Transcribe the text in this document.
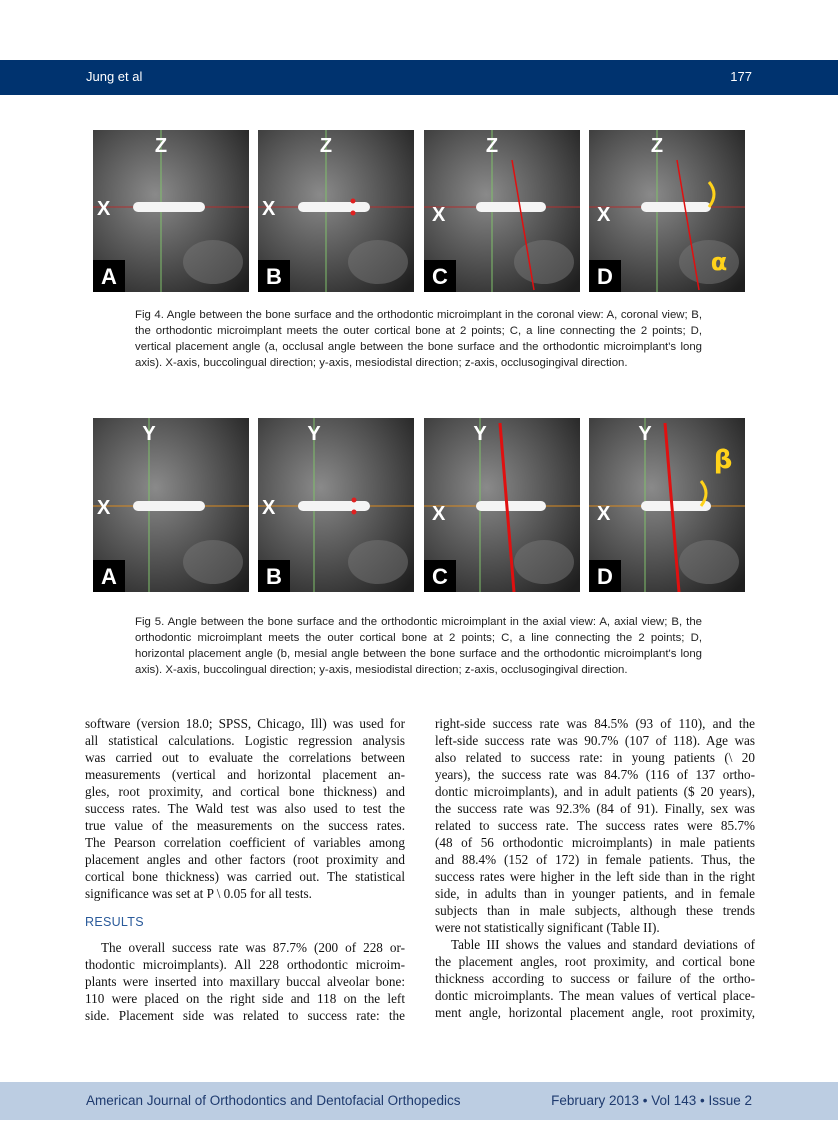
Jung et al	177
Z
X
A
Z
X
B
Z
X
C
Z
X
D
α
Fig 4. Angle between the bone surface and the orthodontic microimplant in the coronal view: A, coronal view; B, the orthodontic microimplant meets the outer cortical bone at 2 points; C, a line connecting the 2 points; D, vertical placement angle (a, occlusal angle between the bone surface and the orthodontic microimplant's long axis). X-axis, buccolingual direction; y-axis, mesiodistal direction; z-axis, occlusogingival direction.
Y
X
A
Y
X
B
Y
X
C
Y
X
D
β
Fig 5. Angle between the bone surface and the orthodontic microimplant in the axial view: A, axial view; B, the orthodontic microimplant meets the outer cortical bone at 2 points; C, a line connecting the 2 points; D, horizontal placement angle (b, mesial angle between the bone surface and the orthodontic microimplant's long axis). X-axis, buccolingual direction; y-axis, mesiodistal direction; z-axis, occlusogingival direction.
software (version 18.0; SPSS, Chicago, Ill) was used for
all statistical calculations. Logistic regression analysis
was carried out to evaluate the correlations between
measurements (vertical and horizontal placement an-
gles, root proximity, and cortical bone thickness) and
success rates. The Wald test was also used to test the
true value of the measurements on the success rates.
The Pearson correlation coefficient of variables among
placement angles and other factors (root proximity and
cortical bone thickness) was carried out. The statistical
significance was set at P \ 0.05 for all tests.
RESULTS
The overall success rate was 87.7% (200 of 228 or-
thodontic microimplants). All 228 orthodontic microim-
plants were inserted into maxillary buccal alveolar bone:
110 were placed on the right side and 118 on the left
side. Placement side was related to success rate: the
right-side success rate was 84.5% (93 of 110), and the
left-side success rate was 90.7% (107 of 118). Age was
also related to success rate: in young patients (\ 20
years), the success rate was 84.7% (116 of 137 ortho-
dontic microimplants), and in adult patients ($ 20 years),
the success rate was 92.3% (84 of 91). Finally, sex was
related to success rate. The success rates were 85.7%
(48 of 56 orthodontic microimplants) in male patients
and 88.4% (152 of 172) in female patients. Thus, the
success rates were higher in the left side than in the right
side, in adults than in younger patients, and in female
subjects than in male subjects, although these trends
were not statistically significant (Table II).
Table III shows the values and standard deviations of
the placement angles, root proximity, and cortical bone
thickness according to success or failure of the ortho-
dontic microimplants. The mean values of vertical place-
ment angle, horizontal placement angle, root proximity,
American Journal of Orthodontics and Dentofacial Orthopedics	February 2013 • Vol 143 • Issue 2
